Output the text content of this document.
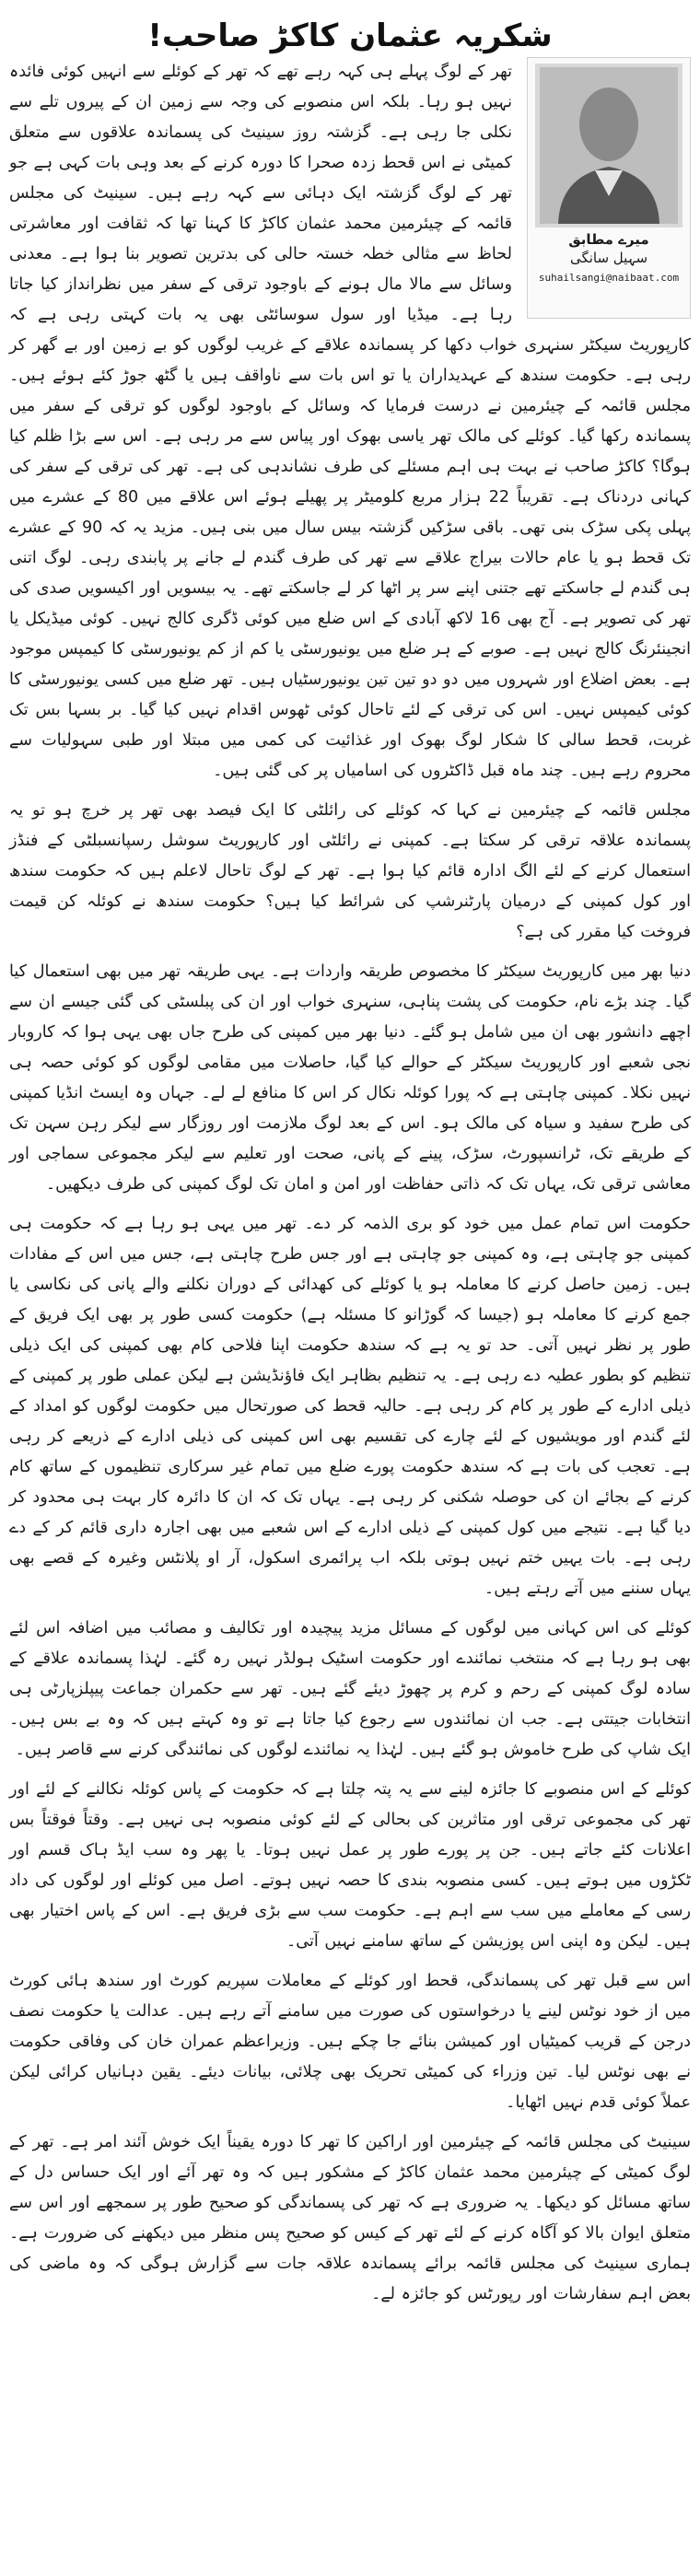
شکریہ عثمان کاکڑ صاحب!
میرے مطابق
سہیل سانگی
suhailsangi@naibaat.com

تھر کے لوگ پہلے ہی کہہ رہے تھے کہ تھر کے کوئلے سے انہیں کوئی فائدہ نہیں ہو رہا۔ بلکہ اس منصوبے کی وجہ سے زمین ان کے پیروں تلے سے نکلی جا رہی ہے۔ گزشتہ روز سینیٹ کی پسماندہ علاقوں سے متعلق کمیٹی نے اس قحط زدہ صحرا کا دورہ کرنے کے بعد وہی بات کہی ہے جو تھر کے لوگ گزشتہ ایک دہائی سے کہہ رہے ہیں۔ سینیٹ کی مجلس قائمہ کے چیئرمین محمد عثمان کاکڑ کا کہنا تھا کہ ثقافت اور معاشرتی لحاظ سے مثالی خطہ خستہ حالی کی بدترین تصویر بنا ہوا ہے۔ معدنی وسائل سے مالا مال ہونے کے باوجود ترقی کے سفر میں نظرانداز کیا جاتا رہا ہے۔ میڈیا اور سول سوسائٹی بھی یہ بات کہتی رہی ہے کہ کارپوریٹ سیکٹر سنہری خواب دکھا کر پسماندہ علاقے کے غریب لوگوں کو بے زمین اور بے گھر کر رہی ہے۔ حکومت سندھ کے عہدیداران یا تو اس بات سے ناواقف ہیں یا گٹھ جوڑ کئے ہوئے ہیں۔ مجلس قائمہ کے چیئرمین نے درست فرمایا کہ وسائل کے باوجود لوگوں کو ترقی کے سفر میں پسماندہ رکھا گیا۔ کوئلے کی مالک تھر یاسی بھوک اور پیاس سے مر رہی ہے۔ اس سے بڑا ظلم کیا ہوگا؟ کاکڑ صاحب نے بہت ہی اہم مسئلے کی طرف نشاندہی کی ہے۔ تھر کی ترقی کے سفر کی کہانی دردناک ہے۔ تقریباً 22 ہزار مربع کلومیٹر پر پھیلے ہوئے اس علاقے میں 80 کے عشرے میں پہلی پکی سڑک بنی تھی۔ باقی سڑکیں گزشتہ بیس سال میں بنی ہیں۔ مزید یہ کہ 90 کے عشرے تک قحط ہو یا عام حالات بیراج علاقے سے تھر کی طرف گندم لے جانے پر پابندی رہی۔ لوگ اتنی ہی گندم لے جاسکتے تھے جتنی اپنے سر پر اٹھا کر لے جاسکتے تھے۔ یہ بیسویں اور اکیسویں صدی کی تھر کی تصویر ہے۔ آج بھی 16 لاکھ آبادی کے اس ضلع میں کوئی ڈگری کالج نہیں۔ کوئی میڈیکل یا انجینئرنگ کالج نہیں ہے۔ صوبے کے ہر ضلع میں یونیورسٹی یا کم از کم یونیورسٹی کا کیمپس موجود ہے۔ بعض اضلاع اور شہروں میں دو دو تین تین یونیورسٹیاں ہیں۔ تھر ضلع میں کسی یونیورسٹی کا کوئی کیمپس نہیں۔ اس کی ترقی کے لئے تاحال کوئی ٹھوس اقدام نہیں کیا گیا۔ بر بسہا بس تک غربت، قحط سالی کا شکار لوگ بھوک اور غذائیت کی کمی میں مبتلا اور طبی سہولیات سے محروم رہے ہیں۔ چند ماہ قبل ڈاکٹروں کی اسامیاں پر کی گئی ہیں۔

مجلس قائمہ کے چیئرمین نے کہا کہ کوئلے کی رائلٹی کا ایک فیصد بھی تھر پر خرچ ہو تو یہ پسماندہ علاقہ ترقی کر سکتا ہے۔ کمپنی نے رائلٹی اور کارپوریٹ سوشل رسپانسبلٹی کے فنڈز استعمال کرنے کے لئے الگ ادارہ قائم کیا ہوا ہے۔ تھر کے لوگ تاحال لاعلم ہیں کہ حکومت سندھ اور کول کمپنی کے درمیان پارٹنرشپ کی شرائط کیا ہیں؟ حکومت سندھ نے کوئلہ کن قیمت فروخت کیا مقرر کی ہے؟

دنیا بھر میں کارپوریٹ سیکٹر کا مخصوص طریقہ واردات ہے۔ یہی طریقہ تھر میں بھی استعمال کیا گیا۔ چند بڑے نام، حکومت کی پشت پناہی، سنہری خواب اور ان کی پبلسٹی کی گئی جیسے ان سے اچھے دانشور بھی ان میں شامل ہو گئے۔ دنیا بھر میں کمپنی کی طرح جاں بھی یہی ہوا کہ کاروبار نجی شعبے اور کارپوریٹ سیکٹر کے حوالے کیا گیا، حاصلات میں مقامی لوگوں کو کوئی حصہ ہی نہیں نکلا۔ کمپنی چاہتی ہے کہ پورا کوئلہ نکال کر اس کا منافع لے لے۔ جہاں وہ ایسٹ انڈیا کمپنی کی طرح سفید و سیاہ کی مالک ہو۔ اس کے بعد لوگ ملازمت اور روزگار سے لیکر رہن سہن تک کے طریقے تک، ٹرانسپورٹ، سڑک، پینے کے پانی، صحت اور تعلیم سے لیکر مجموعی سماجی اور معاشی ترقی تک، یہاں تک کہ ذاتی حفاظت اور امن و امان تک لوگ کمپنی کی طرف دیکھیں۔

حکومت اس تمام عمل میں خود کو بری الذمہ کر دے۔ تھر میں یہی ہو رہا ہے کہ حکومت ہی کمپنی جو چاہتی ہے، وہ کمپنی جو چاہتی ہے اور جس طرح چاہتی ہے، جس میں اس کے مفادات ہیں۔ زمین حاصل کرنے کا معاملہ ہو یا کوئلے کی کھدائی کے دوران نکلنے والے پانی کی نکاسی یا جمع کرنے کا معاملہ ہو (جیسا کہ گوڑانو کا مسئلہ ہے) حکومت کسی طور پر بھی ایک فریق کے طور پر نظر نہیں آتی۔ حد تو یہ ہے کہ سندھ حکومت اپنا فلاحی کام بھی کمپنی کی ایک ذیلی تنظیم کو بطور عطیہ دے رہی ہے۔ یہ تنظیم بظاہر ایک فاؤنڈیشن ہے لیکن عملی طور پر کمپنی کے ذیلی ادارے کے طور پر کام کر رہی ہے۔ حالیہ قحط کی صورتحال میں حکومت لوگوں کو امداد کے لئے گندم اور مویشیوں کے لئے چارے کی تقسیم بھی اس کمپنی کی ذیلی ادارے کے ذریعے کر رہی ہے۔ تعجب کی بات ہے کہ سندھ حکومت پورے ضلع میں تمام غیر سرکاری تنظیموں کے ساتھ کام کرنے کے بجائے ان کی حوصلہ شکنی کر رہی ہے۔ یہاں تک کہ ان کا دائرہ کار بہت ہی محدود کر دیا گیا ہے۔ نتیجے میں کول کمپنی کے ذیلی ادارے کے اس شعبے میں بھی اجارہ داری قائم کر کے دے رہی ہے۔ بات یہیں ختم نہیں ہوتی بلکہ اب پرائمری اسکول، آر او پلانٹس وغیرہ کے قصے بھی یہاں سننے میں آتے رہتے ہیں۔

کوئلے کی اس کہانی میں لوگوں کے مسائل مزید پیچیدہ اور تکالیف و مصائب میں اضافہ اس لئے بھی ہو رہا ہے کہ منتخب نمائندے اور حکومت اسٹیک ہولڈر نہیں رہ گئے۔ لہٰذا پسماندہ علاقے کے سادہ لوگ کمپنی کے رحم و کرم پر چھوڑ دیئے گئے ہیں۔ تھر سے حکمران جماعت پیپلزپارٹی ہی انتخابات جیتتی ہے۔ جب ان نمائندوں سے رجوع کیا جاتا ہے تو وہ کہتے ہیں کہ وہ بے بس ہیں۔ ایک شاپ کی طرح خاموش ہو گئے ہیں۔ لہٰذا یہ نمائندے لوگوں کی نمائندگی کرنے سے قاصر ہیں۔

کوئلے کے اس منصوبے کا جائزہ لینے سے یہ پتہ چلتا ہے کہ حکومت کے پاس کوئلہ نکالنے کے لئے اور تھر کی مجموعی ترقی اور متاثرین کی بحالی کے لئے کوئی منصوبہ ہی نہیں ہے۔ وقتاً فوقتاً بس اعلانات کئے جاتے ہیں۔ جن پر پورے طور پر عمل نہیں ہوتا۔ یا پھر وہ سب ایڈ ہاک قسم اور ٹکڑوں میں ہوتے ہیں۔ کسی منصوبہ بندی کا حصہ نہیں ہوتے۔ اصل میں کوئلے اور لوگوں کی داد رسی کے معاملے میں سب سے اہم ہے۔ حکومت سب سے بڑی فریق ہے۔ اس کے پاس اختیار بھی ہیں۔ لیکن وہ اپنی اس پوزیشن کے ساتھ سامنے نہیں آتی۔

اس سے قبل تھر کی پسماندگی، قحط اور کوئلے کے معاملات سپریم کورٹ اور سندھ ہائی کورٹ میں از خود نوٹس لینے یا درخواستوں کی صورت میں سامنے آتے رہے ہیں۔ عدالت یا حکومت نصف درجن کے قریب کمیٹیاں اور کمیشن بنائے جا چکے ہیں۔ وزیراعظم عمران خان کی وفاقی حکومت نے بھی نوٹس لیا۔ تین وزراء کی کمیٹی تحریک بھی چلائی، بیانات دیئے۔ یقین دہانیاں کرائی لیکن عملاً کوئی قدم نہیں اٹھایا۔

سینیٹ کی مجلس قائمہ کے چیئرمین اور اراکین کا تھر کا دورہ یقیناً ایک خوش آئند امر ہے۔ تھر کے لوگ کمیٹی کے چیئرمین محمد عثمان کاکڑ کے مشکور ہیں کہ وہ تھر آئے اور ایک حساس دل کے ساتھ مسائل کو دیکھا۔ یہ ضروری ہے کہ تھر کی پسماندگی کو صحیح طور پر سمجھے اور اس سے متعلق ایوان بالا کو آگاہ کرنے کے لئے تھر کے کیس کو صحیح پس منظر میں دیکھنے کی ضرورت ہے۔ ہماری سینیٹ کی مجلس قائمہ برائے پسماندہ علاقہ جات سے گزارش ہوگی کہ وہ ماضی کی بعض اہم سفارشات اور رپورٹس کو جائزہ لے۔
